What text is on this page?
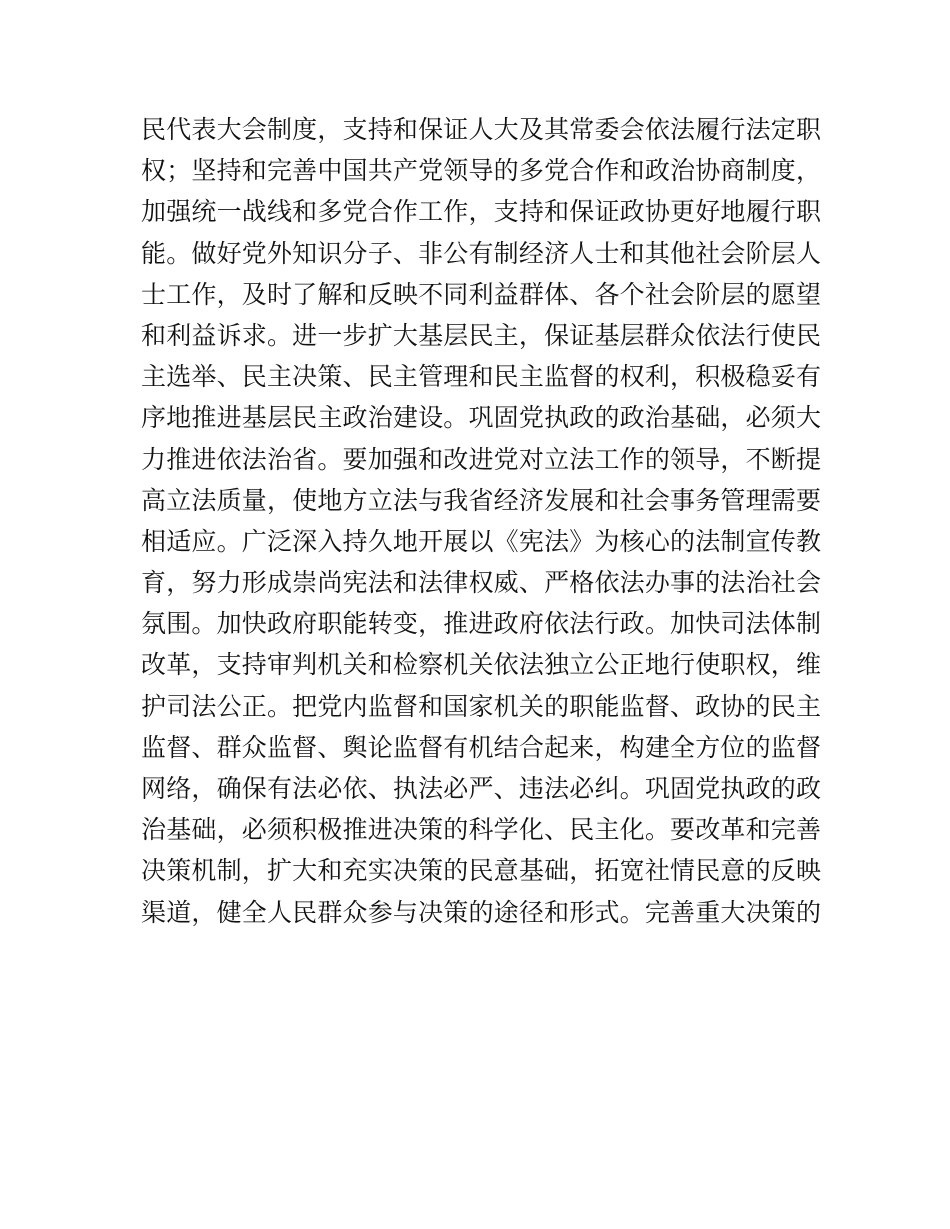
民代表大会制度，支持和保证人大及其常委会依法履行法定职
权；坚持和完善中国共产党领导的多党合作和政治协商制度，
加强统一战线和多党合作工作，支持和保证政协更好地履行职
能。做好党外知识分子、非公有制经济人士和其他社会阶层人
士工作，及时了解和反映不同利益群体、各个社会阶层的愿望
和利益诉求。进一步扩大基层民主，保证基层群众依法行使民
主选举、民主决策、民主管理和民主监督的权利，积极稳妥有
序地推进基层民主政治建设。巩固党执政的政治基础，必须大
力推进依法治省。要加强和改进党对立法工作的领导，不断提
高立法质量，使地方立法与我省经济发展和社会事务管理需要
相适应。广泛深入持久地开展以《宪法》为核心的法制宣传教
育，努力形成崇尚宪法和法律权威、严格依法办事的法治社会
氛围。加快政府职能转变，推进政府依法行政。加快司法体制
改革，支持审判机关和检察机关依法独立公正地行使职权，维
护司法公正。把党内监督和国家机关的职能监督、政协的民主
监督、群众监督、舆论监督有机结合起来，构建全方位的监督
网络，确保有法必依、执法必严、违法必纠。巩固党执政的政
治基础，必须积极推进决策的科学化、民主化。要改革和完善
决策机制，扩大和充实决策的民意基础，拓宽社情民意的反映
渠道，健全人民群众参与决策的途径和形式。完善重大决策的
